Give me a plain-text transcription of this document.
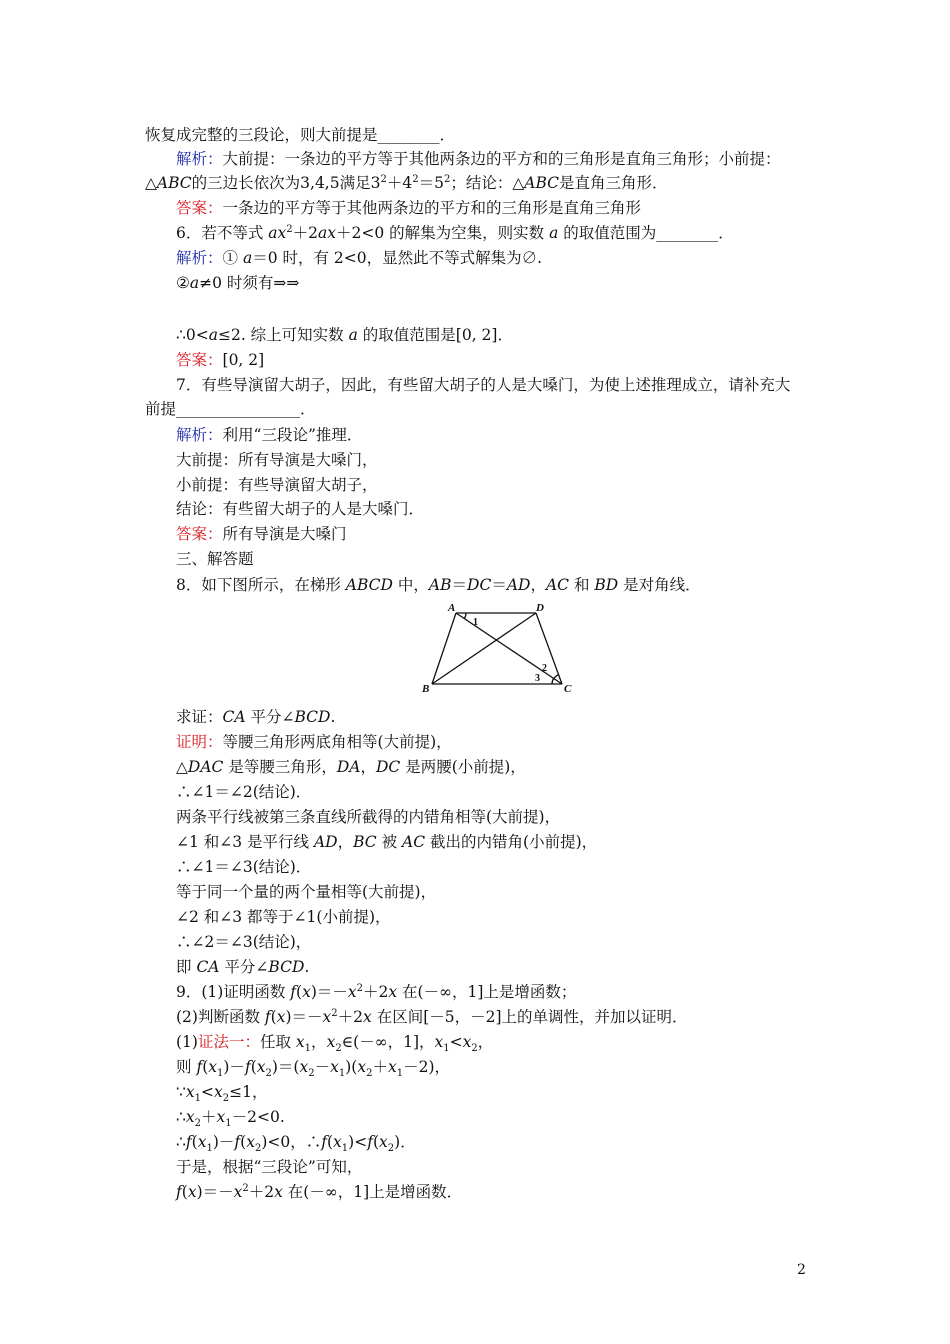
恢复成完整的三段论，则大前提是________．
解析：大前提：一条边的平方等于其他两条边的平方和的三角形是直角三角形；小前提：
△ABC的三边长依次为3,4,5满足$3^2+4^2=5^2$；结论：△ABC是直角三角形．
答案：一条边的平方等于其他两条边的平方和的三角形是直角三角形
6．若不等式 $ax^2+2ax+2<0$ 的解集为空集，则实数 a 的取值范围为________．
解析：① a＝0 时，有 2<0，显然此不等式解集为∅.
②a≠0 时须有⇒⇒
∴0<a≤2. 综上可知实数 a 的取值范围是[0, 2]．
答案：[0, 2]
7．有些导演留大胡子，因此，有些留大胡子的人是大嗓门，为使上述推理成立，请补充大
前提________________．
解析：利用“三段论”推理．
大前提：所有导演是大嗓门，
小前提：有些导演留大胡子，
结论：有些留大胡子的人是大嗓门．
答案：所有导演是大嗓门
三、解答题
8．如下图所示，在梯形 ABCD 中，AB＝DC＝AD，AC 和 BD 是对角线．
A	D
B	C
1
2
3
求证：CA 平分∠BCD.
证明：等腰三角形两底角相等(大前提)，
△DAC 是等腰三角形，DA，DC 是两腰(小前提)，
∴∠1＝∠2(结论)．
两条平行线被第三条直线所截得的内错角相等(大前提)，
∠1 和∠3 是平行线 AD，BC 被 AC 截出的内错角(小前提)，
∴∠1＝∠3(结论)．
等于同一个量的两个量相等(大前提)，
∠2 和∠3 都等于∠1(小前提)，
∴∠2＝∠3(结论)，
即 CA 平分∠BCD.
9．(1)证明函数 $f(x)=-x^2+2x$ 在(－∞，1]上是增函数；
(2)判断函数 $f(x)=-x^2+2x$ 在区间[－5，－2]上的单调性，并加以证明．
(1)证法一：任取 $x_1$，$x_2\in(-\infty$，1]，$x_1<x_2$，
则 $f(x_1)-f(x_2)=(x_2-x_1)(x_2+x_1-2)$，
$\because x_1<x_2\le 1$，
$\therefore x_2+x_1-2<0$.
$\therefore f(x_1)-f(x_2)<0$，$\therefore f(x_1)<f(x_2)$．
于是，根据“三段论”可知，
$f(x)=-x^2+2x$ 在(－∞，1]上是增函数．
2
